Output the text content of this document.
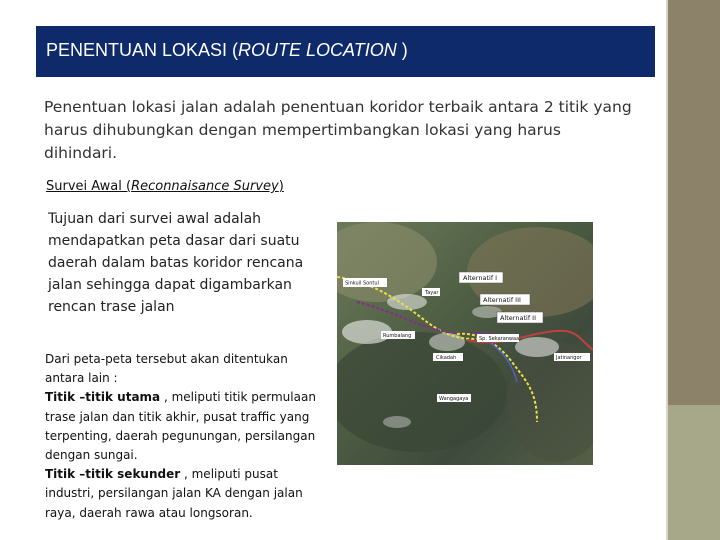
PENENTUAN LOKASI (ROUTE LOCATION )
Penentuan lokasi jalan adalah penentuan koridor terbaik antara 2 titik yang harus dihubungkan dengan mempertimbangkan lokasi yang harus dihindari.
Survei Awal (Reconnaisance Survey)
Tujuan dari survei awal adalah mendapatkan peta dasar dari suatu daerah dalam batas koridor rencana jalan sehingga dapat digambarkan rencan trase jalan
Dari peta-peta tersebut akan ditentukan antara lain :
Titik –titik utama , meliputi titik permulaan trase jalan dan titik akhir, pusat traffic yang terpenting, daerah pegunungan, persilangan dengan sungai.
Titik –titik sekunder , meliputi pusat industri, persilangan jalan KA dengan jalan raya, daerah rawa atau longsoran.
Sinkuil Sontul
Alternatif I
Tayar
Alternatif III
Alternatif II
Rumbalang	Sp. Sekaranwaa
Cikadah	Jatinangor
Wangagaya
